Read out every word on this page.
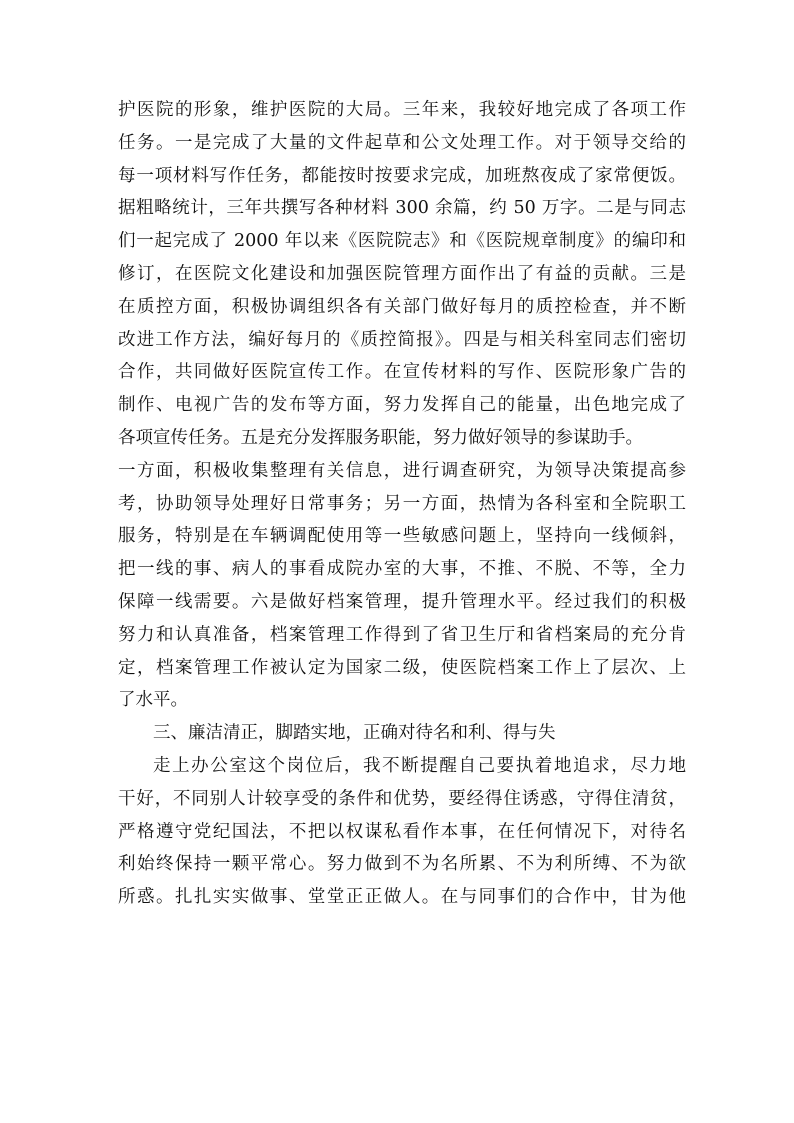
护医院的形象，维护医院的大局。三年来，我较好地完成了各项工作
任务。一是完成了大量的文件起草和公文处理工作。对于领导交给的
每一项材料写作任务，都能按时按要求完成，加班熬夜成了家常便饭。
据粗略统计，三年共撰写各种材料 300 余篇，约 50 万字。二是与同志
们一起完成了 2000 年以来《医院院志》和《医院规章制度》的编印和
修订，在医院文化建设和加强医院管理方面作出了有益的贡献。三是
在质控方面，积极协调组织各有关部门做好每月的质控检查，并不断
改进工作方法，编好每月的《质控简报》。四是与相关科室同志们密切
合作，共同做好医院宣传工作。在宣传材料的写作、医院形象广告的
制作、电视广告的发布等方面，努力发挥自己的能量，出色地完成了
各项宣传任务。五是充分发挥服务职能，努力做好领导的参谋助手。
一方面，积极收集整理有关信息，进行调查研究，为领导决策提高参
考，协助领导处理好日常事务；另一方面，热情为各科室和全院职工
服务，特别是在车辆调配使用等一些敏感问题上，坚持向一线倾斜，
把一线的事、病人的事看成院办室的大事，不推、不脱、不等，全力
保障一线需要。六是做好档案管理，提升管理水平。经过我们的积极
努力和认真准备，档案管理工作得到了省卫生厅和省档案局的充分肯
定，档案管理工作被认定为国家二级，使医院档案工作上了层次、上
了水平。
三、廉洁清正，脚踏实地，正确对待名和利、得与失
走上办公室这个岗位后，我不断提醒自己要执着地追求，尽力地
干好，不同别人计较享受的条件和优势，要经得住诱惑，守得住清贫，
严格遵守党纪国法，不把以权谋私看作本事，在任何情况下，对待名
利始终保持一颗平常心。努力做到不为名所累、不为利所缚、不为欲
所惑。扎扎实实做事、堂堂正正做人。在与同事们的合作中，甘为他
